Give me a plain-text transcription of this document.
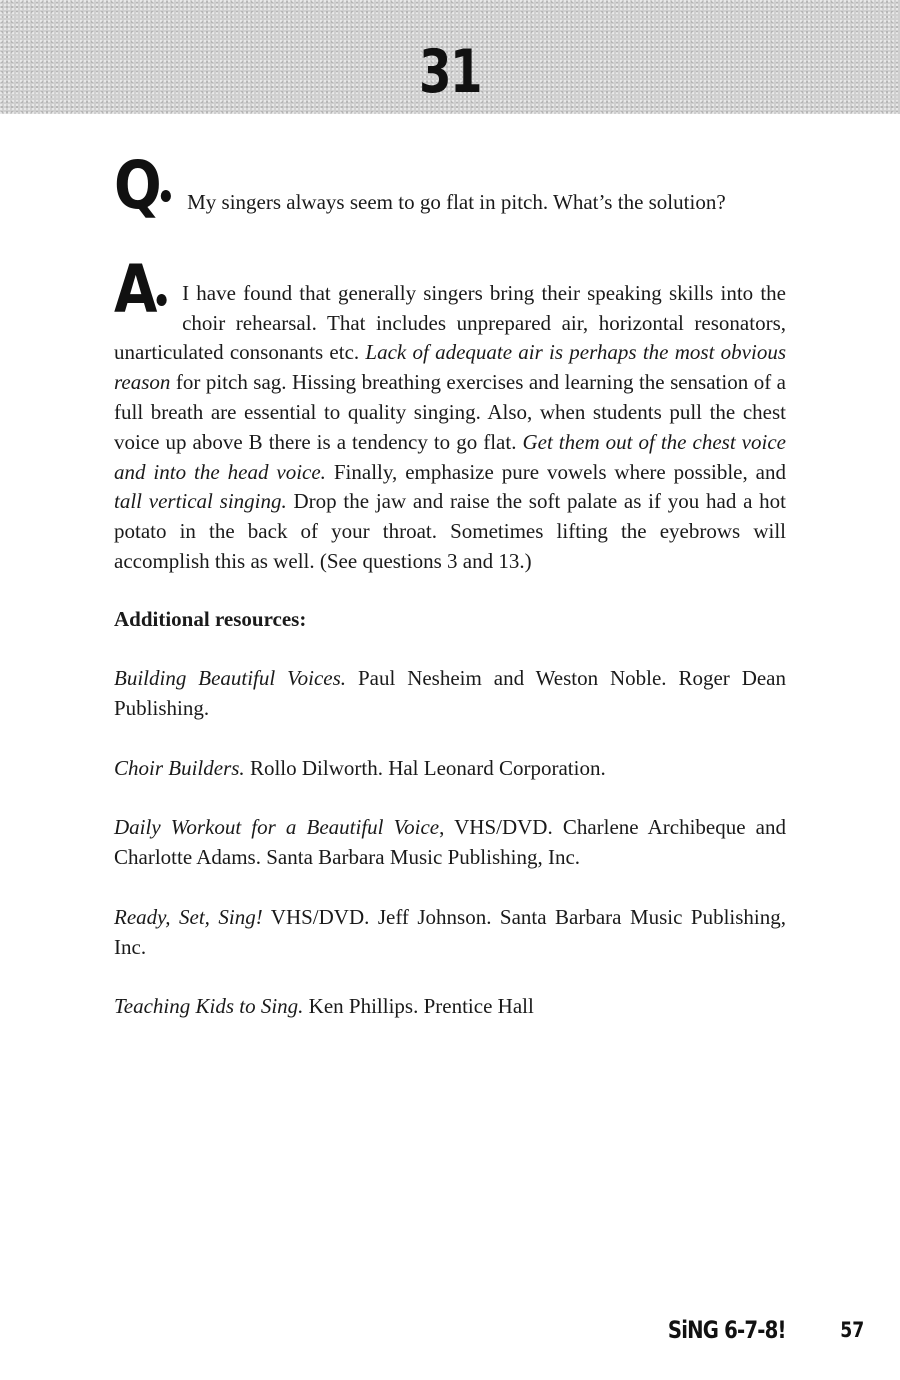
31
Q	My singers always seem to go flat in pitch. What’s the solution?
A	I have found that generally singers bring their speaking skills into the choir rehearsal. That includes unprepared air, horizontal resonators, unarticulated consonants etc. Lack of adequate air is perhaps the most obvious reason for pitch sag. Hissing breathing exercises and learning the sensation of a full breath are essential to quality singing. Also, when students pull the chest voice up above B there is a tendency to go flat. Get them out of the chest voice and into the head voice. Finally, emphasize pure vowels where possible, and tall vertical singing. Drop the jaw and raise the soft palate as if you had a hot potato in the back of your throat. Sometimes lifting the eyebrows will accomplish this as well. (See questions 3 and 13.)
Additional resources:
Building Beautiful Voices. Paul Nesheim and Weston Noble. Roger Dean Publishing.
Choir Builders. Rollo Dilworth. Hal Leonard Corporation.
Daily Workout for a Beautiful Voice, VHS/DVD. Charlene Archibeque and Charlotte Adams. Santa Barbara Music Publishing, Inc.
Ready, Set, Sing! VHS/DVD. Jeff Johnson. Santa Barbara Music Publishing, Inc.
Teaching Kids to Sing. Ken Phillips. Prentice Hall
SiNG 6-7-8!	57
